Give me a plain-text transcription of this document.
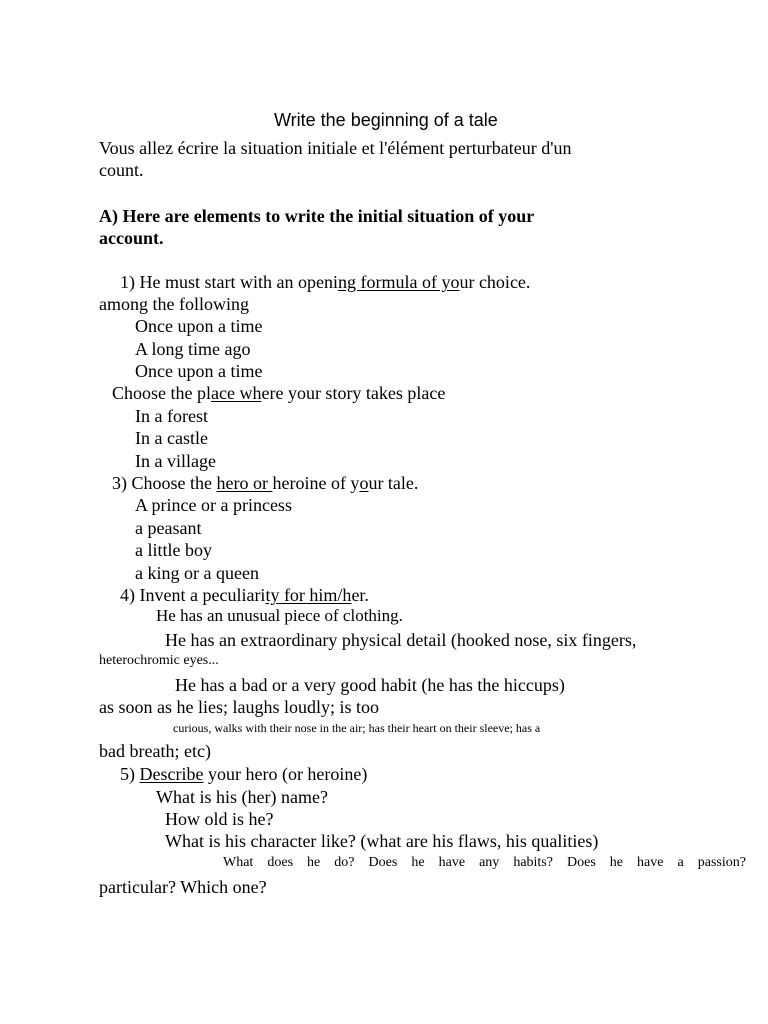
Write the beginning of a tale
Vous allez écrire la situation initiale et l'élément perturbateur d'un
count.
A) Here are elements to write the initial situation of your
account.
1) He must start with an opening formula of your choice.
among the following
Once upon a time
A long time ago
Once upon a time
Choose the place where your story takes place
In a forest
In a castle
In a village
3) Choose the hero or heroine of your tale.
A prince or a princess
a peasant
a little boy
a king or a queen
4) Invent a peculiarity for him/her.
He has an unusual piece of clothing.
He has an extraordinary physical detail (hooked nose, six fingers,
heterochromic eyes...
He has a bad or a very good habit (he has the hiccups)
as soon as he lies; laughs loudly; is too
curious, walks with their nose in the air; has their heart on their sleeve; has a
bad breath; etc)
5) Describe your hero (or heroine)
What is his (her) name?
How old is he?
What is his character like? (what are his flaws, his qualities)
What does he do? Does he have any habits? Does he have a passion?
particular? Which one?
